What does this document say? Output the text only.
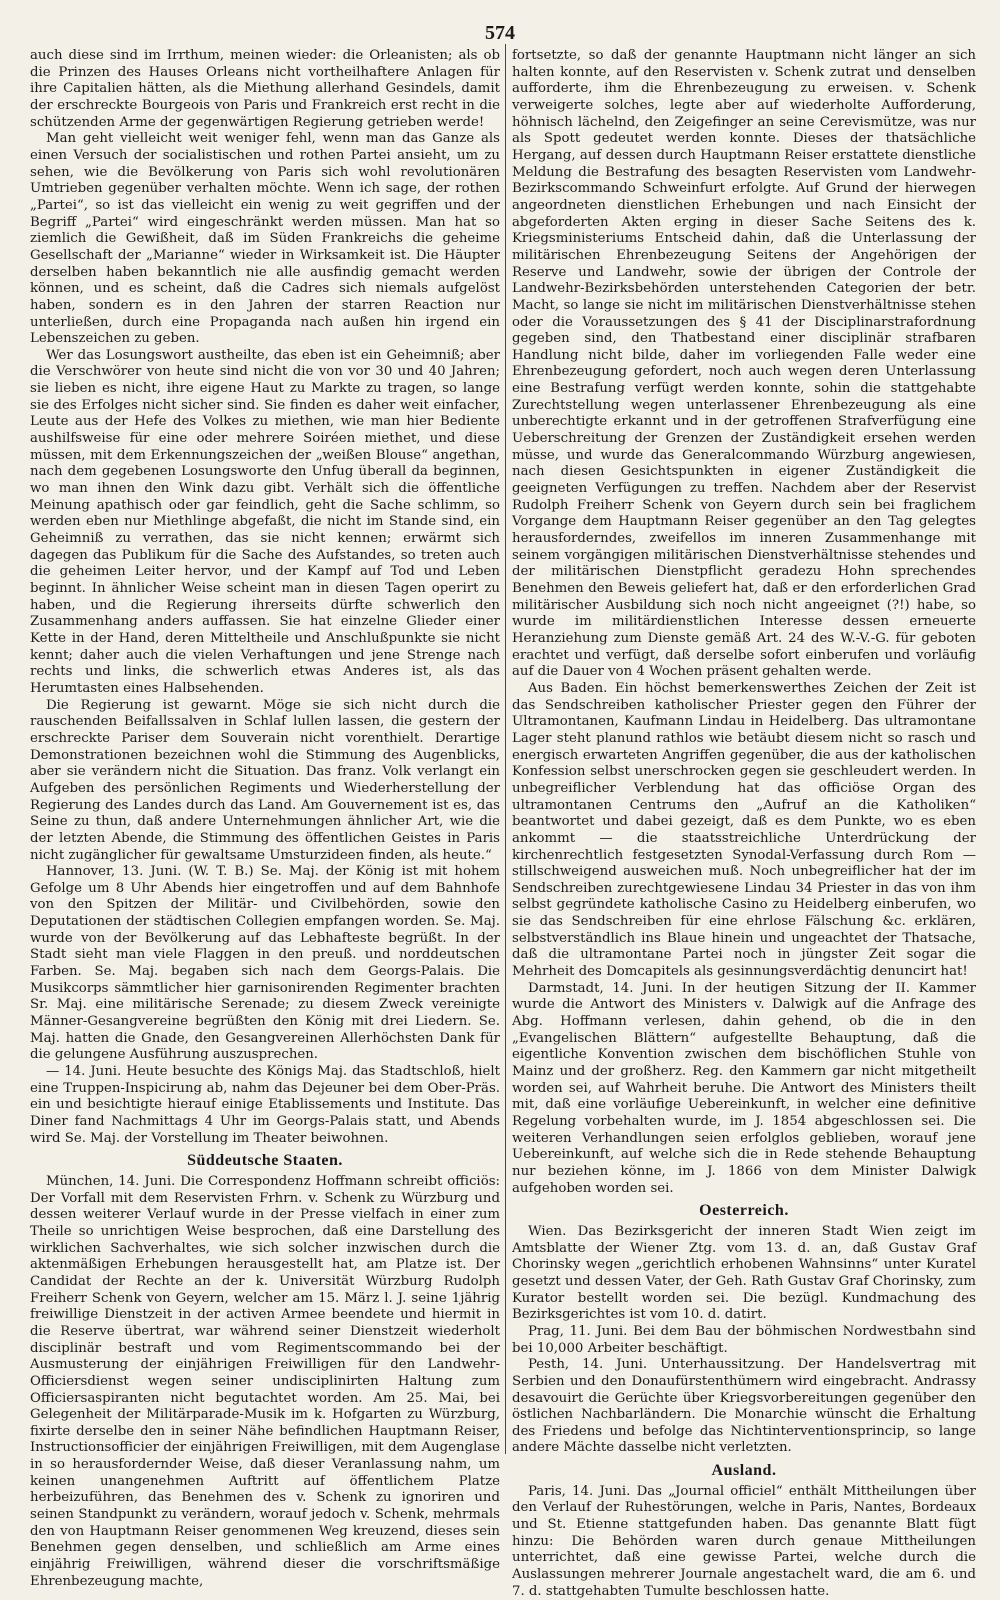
574

auch diese sind im Irrthum, meinen wieder: die Orleanisten; als ob die Prinzen des Hauses Orleans nicht vortheilhaftere Anlagen für ihre Capitalien hätten, als die Miethung allerhand Gesindels, damit der erschreckte Bourgeois von Paris und Frankreich erst recht in die schützenden Arme der gegenwärtigen Regierung getrieben werde!

Man geht vielleicht weit weniger fehl, wenn man das Ganze als einen Versuch der socialistischen und rothen Partei ansieht, um zu sehen, wie die Bevölkerung von Paris sich wohl revolutionären Umtrieben gegenüber verhalten möchte. Wenn ich sage, der rothen „Partei“, so ist das vielleicht ein wenig zu weit gegriffen und der Begriff „Partei“ wird eingeschränkt werden müssen. Man hat so ziemlich die Gewißheit, daß im Süden Frankreichs die geheime Gesellschaft der „Marianne“ wieder in Wirksamkeit ist. Die Häupter derselben haben bekanntlich nie alle ausfindig gemacht werden können, und es scheint, daß die Cadres sich niemals aufgelöst haben, sondern es in den Jahren der starren Reaction nur unterließen, durch eine Propaganda nach außen hin irgend ein Lebenszeichen zu geben.

Wer das Losungswort austheilte, das eben ist ein Geheimniß; aber die Verschwörer von heute sind nicht die von vor 30 und 40 Jahren; sie lieben es nicht, ihre eigene Haut zu Markte zu tragen, so lange sie des Erfolges nicht sicher sind. Sie finden es daher weit einfacher, Leute aus der Hefe des Volkes zu miethen, wie man hier Bediente aushilfsweise für eine oder mehrere Soiréen miethet, und diese müssen, mit dem Erkennungszeichen der „weißen Blouse“ angethan, nach dem gegebenen Losungsworte den Unfug überall da beginnen, wo man ihnen den Wink dazu gibt. Verhält sich die öffentliche Meinung apathisch oder gar feindlich, geht die Sache schlimm, so werden eben nur Miethlinge abgefaßt, die nicht im Stande sind, ein Geheimniß zu verrathen, das sie nicht kennen; erwärmt sich dagegen das Publikum für die Sache des Aufstandes, so treten auch die geheimen Leiter hervor, und der Kampf auf Tod und Leben beginnt. In ähnlicher Weise scheint man in diesen Tagen operirt zu haben, und die Regierung ihrerseits dürfte schwerlich den Zusammenhang anders auffassen. Sie hat einzelne Glieder einer Kette in der Hand, deren Mitteltheile und Anschlußpunkte sie nicht kennt; daher auch die vielen Verhaftungen und jene Strenge nach rechts und links, die schwerlich etwas Anderes ist, als das Herumtasten eines Halbsehenden.

Die Regierung ist gewarnt. Möge sie sich nicht durch die rauschenden Beifallssalven in Schlaf lullen lassen, die gestern der erschreckte Pariser dem Souverain nicht vorenthielt. Derartige Demonstrationen bezeichnen wohl die Stimmung des Augenblicks, aber sie verändern nicht die Situation. Das franz. Volk verlangt ein Aufgeben des persönlichen Regiments und Wiederherstellung der Regierung des Landes durch das Land. Am Gouvernement ist es, das Seine zu thun, daß andere Unternehmungen ähnlicher Art, wie die der letzten Abende, die Stimmung des öffentlichen Geistes in Paris nicht zugänglicher für gewaltsame Umsturzideen finden, als heute.“

Hannover, 13. Juni. (W. T. B.) Se. Maj. der König ist mit hohem Gefolge um 8 Uhr Abends hier eingetroffen und auf dem Bahnhofe von den Spitzen der Militär- und Civilbehörden, sowie den Deputationen der städtischen Collegien empfangen worden. Se. Maj. wurde von der Bevölkerung auf das Lebhafteste begrüßt. In der Stadt sieht man viele Flaggen in den preuß. und norddeutschen Farben. Se. Maj. begaben sich nach dem Georgs-Palais. Die Musikcorps sämmtlicher hier garnisonirenden Regimenter brachten Sr. Maj. eine militärische Serenade; zu diesem Zweck vereinigte Männer-Gesangvereine begrüßten den König mit drei Liedern. Se. Maj. hatten die Gnade, den Gesangvereinen Allerhöchsten Dank für die gelungene Ausführung auszusprechen.

— 14. Juni. Heute besuchte des Königs Maj. das Stadtschloß, hielt eine Truppen-Inspicirung ab, nahm das Dejeuner bei dem Ober-Präs. ein und besichtigte hierauf einige Etablissements und Institute. Das Diner fand Nachmittags 4 Uhr im Georgs-Palais statt, und Abends wird Se. Maj. der Vorstellung im Theater beiwohnen.

Süddeutsche Staaten.

München, 14. Juni. Die Correspondenz Hoffmann schreibt officiös: Der Vorfall mit dem Reservisten Frhrn. v. Schenk zu Würzburg und dessen weiterer Verlauf wurde in der Presse vielfach in einer zum Theile so unrichtigen Weise besprochen, daß eine Darstellung des wirklichen Sachverhaltes, wie sich solcher inzwischen durch die aktenmäßigen Erhebungen herausgestellt hat, am Platze ist. Der Candidat der Rechte an der k. Universität Würzburg Rudolph Freiherr Schenk von Geyern, welcher am 15. März l. J. seine 1jährig freiwillige Dienstzeit in der activen Armee beendete und hiermit in die Reserve übertrat, war während seiner Dienstzeit wiederholt disciplinär bestraft und vom Regimentscommando bei der Ausmusterung der einjährigen Freiwilligen für den Landwehr-Officiersdienst wegen seiner undisciplinirten Haltung zum Officiersaspiranten nicht begutachtet worden. Am 25. Mai, bei Gelegenheit der Militärparade-Musik im k. Hofgarten zu Würzburg, fixirte derselbe den in seiner Nähe befindlichen Hauptmann Reiser, Instructionsofficier der einjährigen Freiwilligen, mit dem Augenglase in so herausfordernder Weise, daß dieser Veranlassung nahm, um keinen unangenehmen Auftritt auf öffentlichem Platze herbeizuführen, das Benehmen des v. Schenk zu ignoriren und seinen Standpunkt zu verändern, worauf jedoch v. Schenk, mehrmals den von Hauptmann Reiser genommenen Weg kreuzend, dieses sein Benehmen gegen denselben, und schließlich am Arme eines einjährig Freiwilligen, während dieser die vorschriftsmäßige Ehrenbezeugung machte,

fortsetzte, so daß der genannte Hauptmann nicht länger an sich halten konnte, auf den Reservisten v. Schenk zutrat und denselben aufforderte, ihm die Ehrenbezeugung zu erweisen. v. Schenk verweigerte solches, legte aber auf wiederholte Aufforderung, höhnisch lächelnd, den Zeigefinger an seine Cerevismütze, was nur als Spott gedeutet werden konnte. Dieses der thatsächliche Hergang, auf dessen durch Hauptmann Reiser erstattete dienstliche Meldung die Bestrafung des besagten Reservisten vom Landwehr-Bezirkscommando Schweinfurt erfolgte. Auf Grund der hierwegen angeordneten dienstlichen Erhebungen und nach Einsicht der abgeforderten Akten erging in dieser Sache Seitens des k. Kriegsministeriums Entscheid dahin, daß die Unterlassung der militärischen Ehrenbezeugung Seitens der Angehörigen der Reserve und Landwehr, sowie der übrigen der Controle der Landwehr-Bezirksbehörden unterstehenden Categorien der betr. Macht, so lange sie nicht im militärischen Dienstverhältnisse stehen oder die Voraussetzungen des § 41 der Disciplinarstrafordnung gegeben sind, den Thatbestand einer disciplinär strafbaren Handlung nicht bilde, daher im vorliegenden Falle weder eine Ehrenbezeugung gefordert, noch auch wegen deren Unterlassung eine Bestrafung verfügt werden konnte, sohin die stattgehabte Zurechtstellung wegen unterlassener Ehrenbezeugung als eine unberechtigte erkannt und in der getroffenen Strafverfügung eine Ueberschreitung der Grenzen der Zuständigkeit ersehen werden müsse, und wurde das Generalcommando Würzburg angewiesen, nach diesen Gesichtspunkten in eigener Zuständigkeit die geeigneten Verfügungen zu treffen. Nachdem aber der Reservist Rudolph Freiherr Schenk von Geyern durch sein bei fraglichem Vorgange dem Hauptmann Reiser gegenüber an den Tag gelegtes herausforderndes, zweifellos im inneren Zusammenhange mit seinem vorgängigen militärischen Dienstverhältnisse stehendes und der militärischen Dienstpflicht geradezu Hohn sprechendes Benehmen den Beweis geliefert hat, daß er den erforderlichen Grad militärischer Ausbildung sich noch nicht angeeignet (?!) habe, so wurde im militärdienstlichen Interesse dessen erneuerte Heranziehung zum Dienste gemäß Art. 24 des W.-V.-G. für geboten erachtet und verfügt, daß derselbe sofort einberufen und vorläufig auf die Dauer von 4 Wochen präsent gehalten werde.

Aus Baden. Ein höchst bemerkenswerthes Zeichen der Zeit ist das Sendschreiben katholischer Priester gegen den Führer der Ultramontanen, Kaufmann Lindau in Heidelberg. Das ultramontane Lager steht planund rathlos wie betäubt diesem nicht so rasch und energisch erwarteten Angriffen gegenüber, die aus der katholischen Konfession selbst unerschrocken gegen sie geschleudert werden. In unbegreiflicher Verblendung hat das officiöse Organ des ultramontanen Centrums den „Aufruf an die Katholiken“ beantwortet und dabei gezeigt, daß es dem Punkte, wo es eben ankommt — die staatsstreichliche Unterdrückung der kirchenrechtlich festgesetzten Synodal-Verfassung durch Rom — stillschweigend ausweichen muß. Noch unbegreiflicher hat der im Sendschreiben zurechtgewiesene Lindau 34 Priester in das von ihm selbst gegründete katholische Casino zu Heidelberg einberufen, wo sie das Sendschreiben für eine ehrlose Fälschung &c. erklären, selbstverständlich ins Blaue hinein und ungeachtet der Thatsache, daß die ultramontane Partei noch in jüngster Zeit sogar die Mehrheit des Domcapitels als gesinnungsverdächtig denuncirt hat!

Darmstadt, 14. Juni. In der heutigen Sitzung der II. Kammer wurde die Antwort des Ministers v. Dalwigk auf die Anfrage des Abg. Hoffmann verlesen, dahin gehend, ob die in den „Evangelischen Blättern“ aufgestellte Behauptung, daß die eigentliche Konvention zwischen dem bischöflichen Stuhle von Mainz und der großherz. Reg. den Kammern gar nicht mitgetheilt worden sei, auf Wahrheit beruhe. Die Antwort des Ministers theilt mit, daß eine vorläufige Uebereinkunft, in welcher eine definitive Regelung vorbehalten wurde, im J. 1854 abgeschlossen sei. Die weiteren Verhandlungen seien erfolglos geblieben, worauf jene Uebereinkunft, auf welche sich die in Rede stehende Behauptung nur beziehen könne, im J. 1866 von dem Minister Dalwigk aufgehoben worden sei.

Oesterreich.

Wien. Das Bezirksgericht der inneren Stadt Wien zeigt im Amtsblatte der Wiener Ztg. vom 13. d. an, daß Gustav Graf Chorinsky wegen „gerichtlich erhobenen Wahnsinns“ unter Kuratel gesetzt und dessen Vater, der Geh. Rath Gustav Graf Chorinsky, zum Kurator bestellt worden sei. Die bezügl. Kundmachung des Bezirksgerichtes ist vom 10. d. datirt.

Prag, 11. Juni. Bei dem Bau der böhmischen Nordwestbahn sind bei 10,000 Arbeiter beschäftigt.

Pesth, 14. Juni. Unterhaussitzung. Der Handelsvertrag mit Serbien und den Donaufürstenthümern wird eingebracht. Andrassy desavouirt die Gerüchte über Kriegsvorbereitungen gegenüber den östlichen Nachbarländern. Die Monarchie wünscht die Erhaltung des Friedens und befolge das Nichtinterventionsprincip, so lange andere Mächte dasselbe nicht verletzten.

Ausland.

Paris, 14. Juni. Das „Journal officiel“ enthält Mittheilungen über den Verlauf der Ruhestörungen, welche in Paris, Nantes, Bordeaux und St. Etienne stattgefunden haben. Das genannte Blatt fügt hinzu: Die Behörden waren durch genaue Mittheilungen unterrichtet, daß eine gewisse Partei, welche durch die Auslassungen mehrerer Journale angestachelt ward, die am 6. und 7. d. stattgehabten Tumulte beschlossen hatte.
